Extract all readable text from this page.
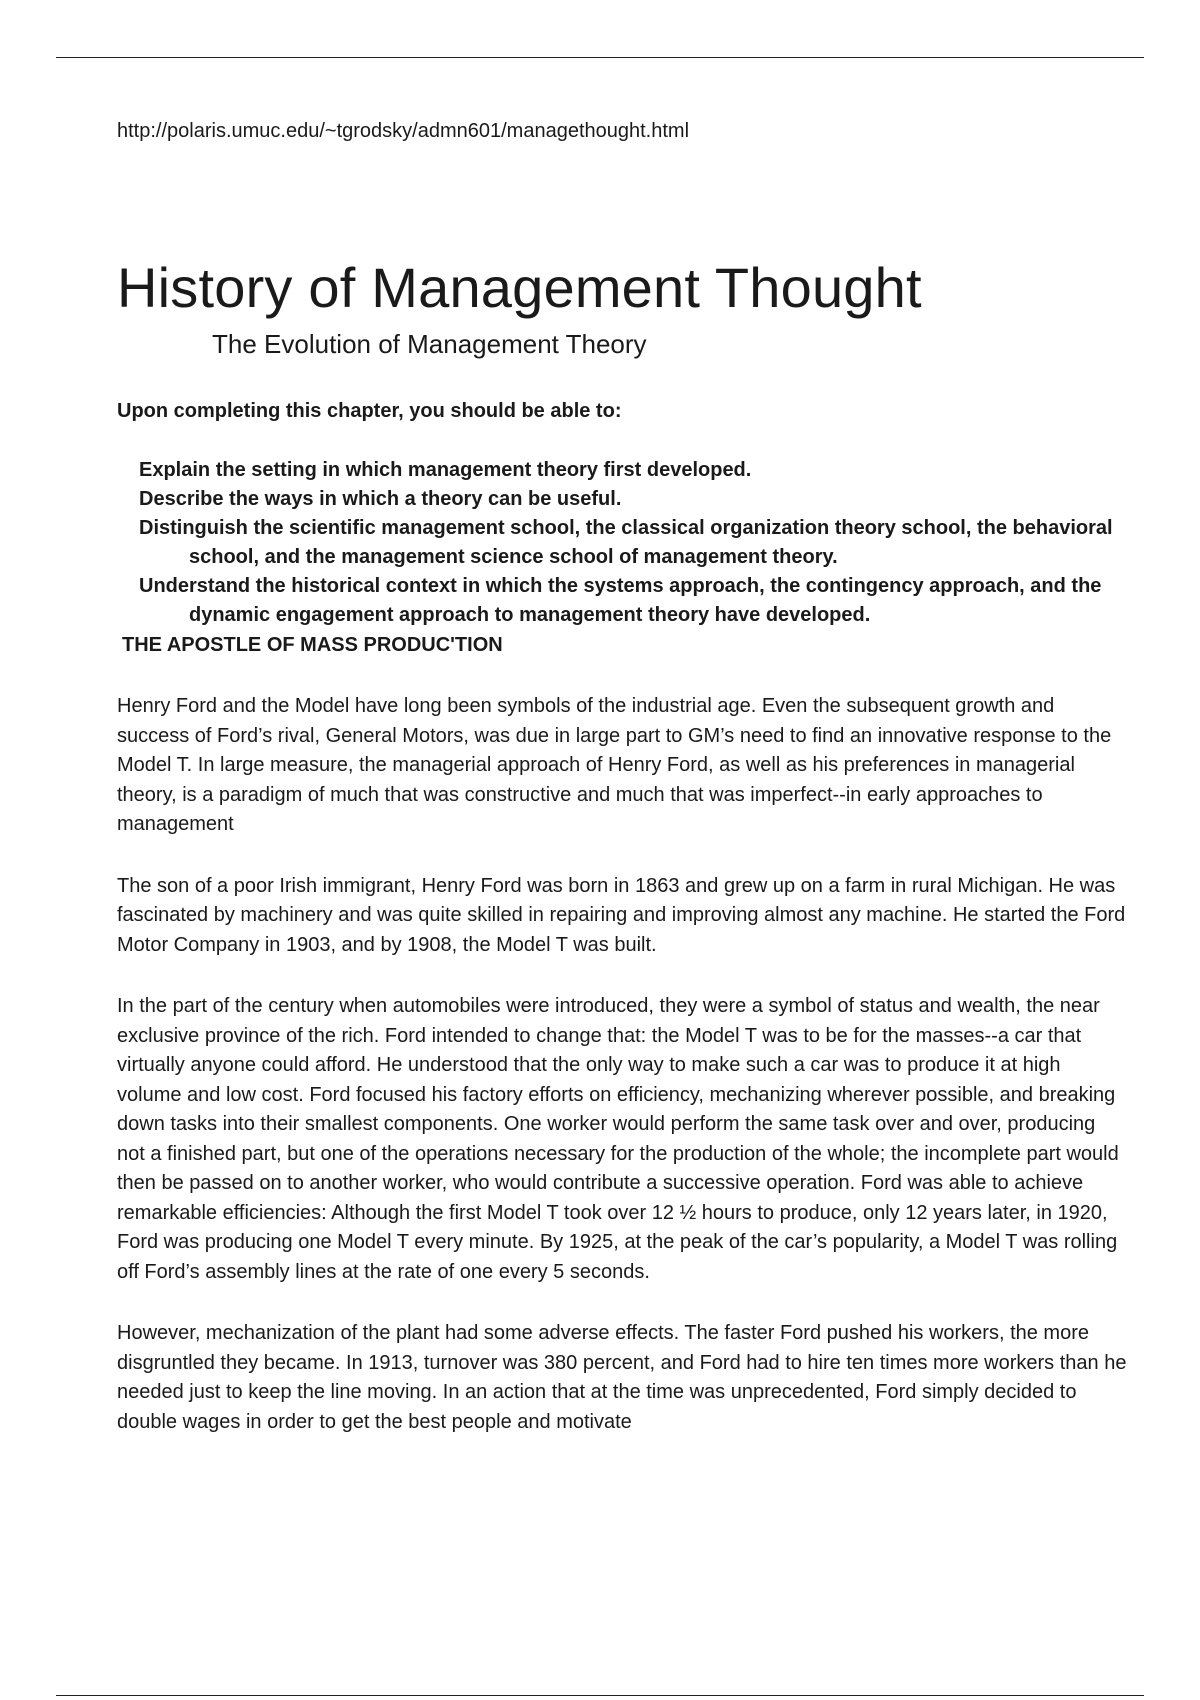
http://polaris.umuc.edu/~tgrodsky/admn601/managethought.html

History of Management Thought
The Evolution of Management Theory

Upon completing this chapter, you should be able to:

Explain the setting in which management theory first developed.
Describe the ways in which a theory can be useful.
Distinguish the scientific management school, the classical organization theory school, the behavioral school, and the management science school of management theory.
Understand the historical context in which the systems approach, the contingency approach, and the dynamic engagement approach to management theory have developed.

THE APOSTLE OF MASS PRODUC'TION

Henry Ford and the Model have long been symbols of the industrial age. Even the subsequent growth and success of Ford’s rival, General Motors, was due in large part to GM’s need to find an innovative response to the Model T. In large measure, the managerial approach of Henry Ford, as well as his preferences in managerial theory, is a paradigm of much that was constructive and much that was imperfect--in early approaches to management

The son of a poor Irish immigrant, Henry Ford was born in 1863 and grew up on a farm in rural Michigan. He was fascinated by machinery and was quite skilled in repairing and improving almost any machine. He started the Ford Motor Company in 1903, and by 1908, the Model T was built.

In the part of the century when automobiles were introduced, they were a symbol of status and wealth, the near exclusive province of the rich. Ford intended to change that: the Model T was to be for the masses--a car that virtually anyone could afford. He understood that the only way to make such a car was to produce it at high volume and low cost. Ford focused his factory efforts on efficiency, mechanizing wherever possible, and breaking down tasks into their smallest components. One worker would perform the same task over and over, producing not a finished part, but one of the operations necessary for the production of the whole; the incomplete part would then be passed on to another worker, who would contribute a successive operation. Ford was able to achieve remarkable efficiencies: Although the first Model T took over 12 ½ hours to produce, only 12 years later, in 1920, Ford was producing one Model T every minute. By 1925, at the peak of the car’s popularity, a Model T was rolling off Ford’s assembly lines at the rate of one every 5 seconds.

However, mechanization of the plant had some adverse effects. The faster Ford pushed his workers, the more disgruntled they became. In 1913, turnover was 380 percent, and Ford had to hire ten times more workers than he needed just to keep the line moving. In an action that at the time was unprecedented, Ford simply decided to double wages in order to get the best people and motivate
